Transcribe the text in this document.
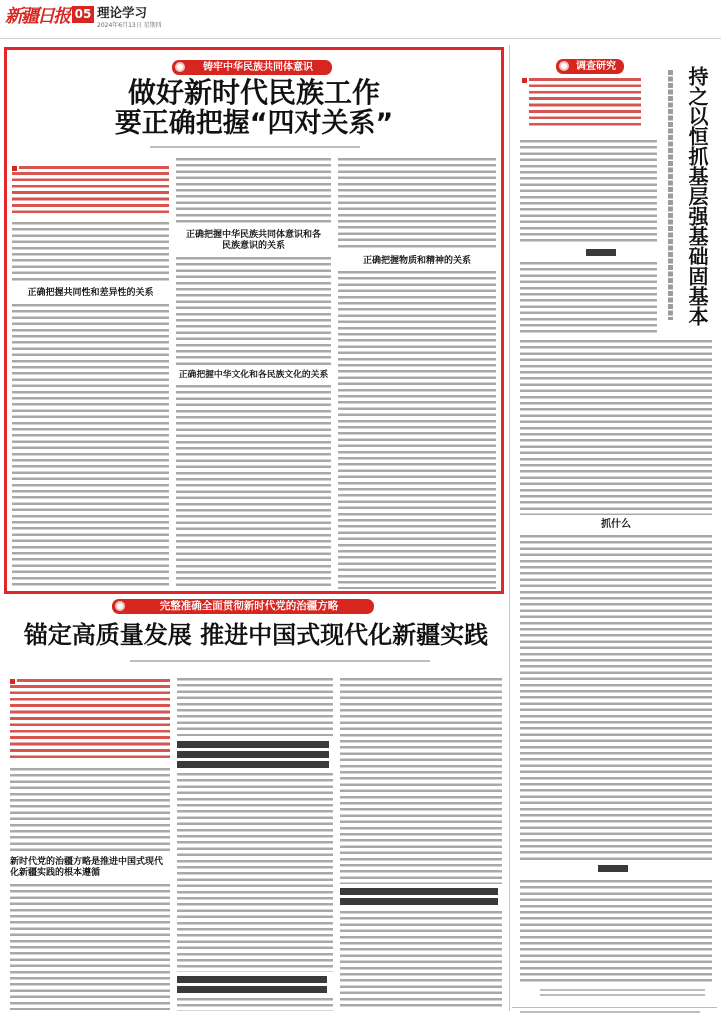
新疆日报 05 理论学习
2024年6月13日 星期四
铸牢中华民族共同体意识
做好新时代民族工作
要正确把握“四对关系”
正确把握共同性和差异性的关系
正确把握中华民族共同体意识和各民族意识的关系
正确把握中华文化和各民族文化的关系
正确把握物质和精神的关系
调查研究	持之以恒抓基层强基础固基本
抓什么
完整准确全面贯彻新时代党的治疆方略
锚定高质量发展 推进中国式现代化新疆实践
新时代党的治疆方略是推进中国式现代化新疆实践的根本遵循
